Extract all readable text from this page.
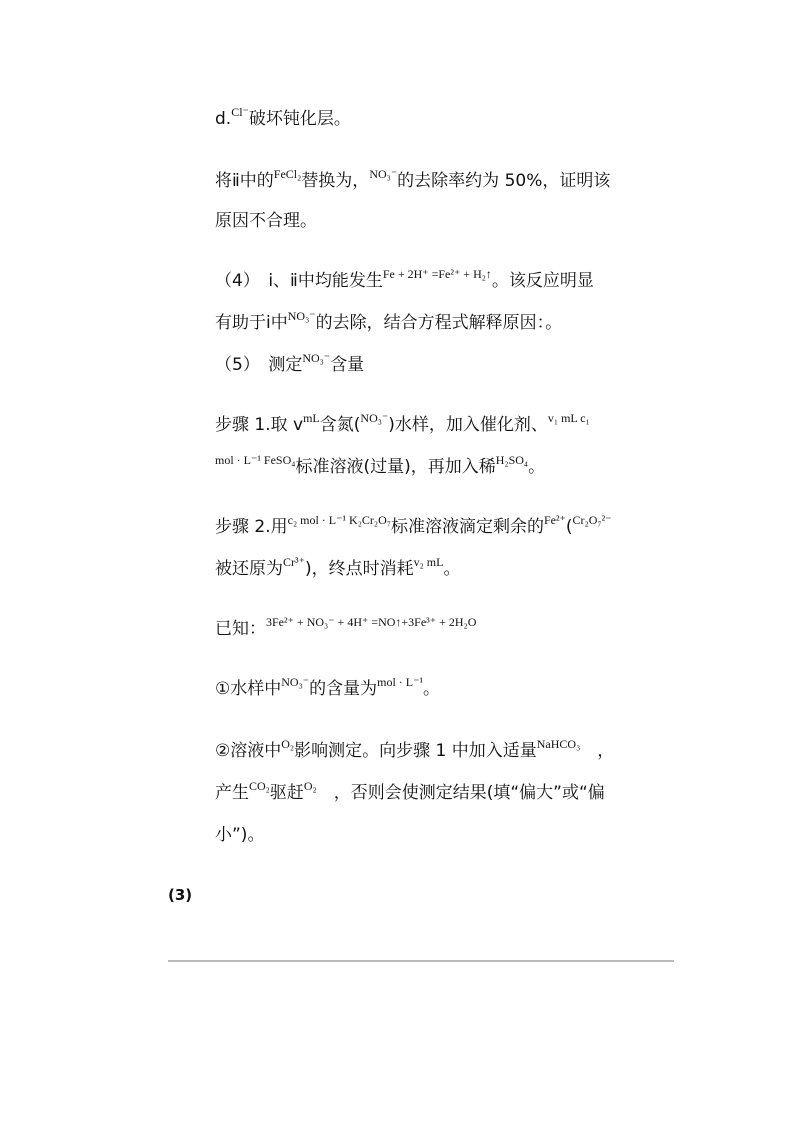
d.$^{Cl^-}$破坏钝化层。
将ⅱ中的$^{FeCl_2}$替换为，$^{NO_3^-}$的去除率约为 50%，证明该
原因不合理。
（4）　ⅰ、ⅱ中均能发生$^{Fe + 2H^+ =Fe^{2+} + H_2↑}$。该反应明显
有助于ⅰ中$^{NO_3^-}$的去除，结合方程式解释原因：。
（5）　测定$^{NO_3^-}$含量
步骤 1.取 $v^{mL}$含氮($^{NO_3^-}$)水样，加入催化剂、$^{v_1 mL c_1}$
$^{mol \cdot L^{-1} FeSO_4}$标准溶液(过量)，再加入稀$^{H_2SO_4}$。
步骤 2.用$^{c_2 mol \cdot L^{-1} K_2Cr_2O_7}$标准溶液滴定剩余的$^{Fe^{2+}}$($^{Cr_2O_7^{2-}}$
被还原为$^{Cr^{3+}}$)，终点时消耗$^{v_2 mL}$。
已知：$^{3Fe^{2+} + NO_3^- + 4H^+ =NO↑+3Fe^{3+} + 2H_2O}$
①水样中$^{NO_3^-}$的含量为$^{mol \cdot L^{-1}}$。
②溶液中$^{O_2}$影响测定。向步骤 1 中加入适量$^{NaHCO_3}$　，
产生$^{CO_2}$驱赶$^{O_2}$　，否则会使测定结果(填“偏大”或“偏
小”)。
(3)
